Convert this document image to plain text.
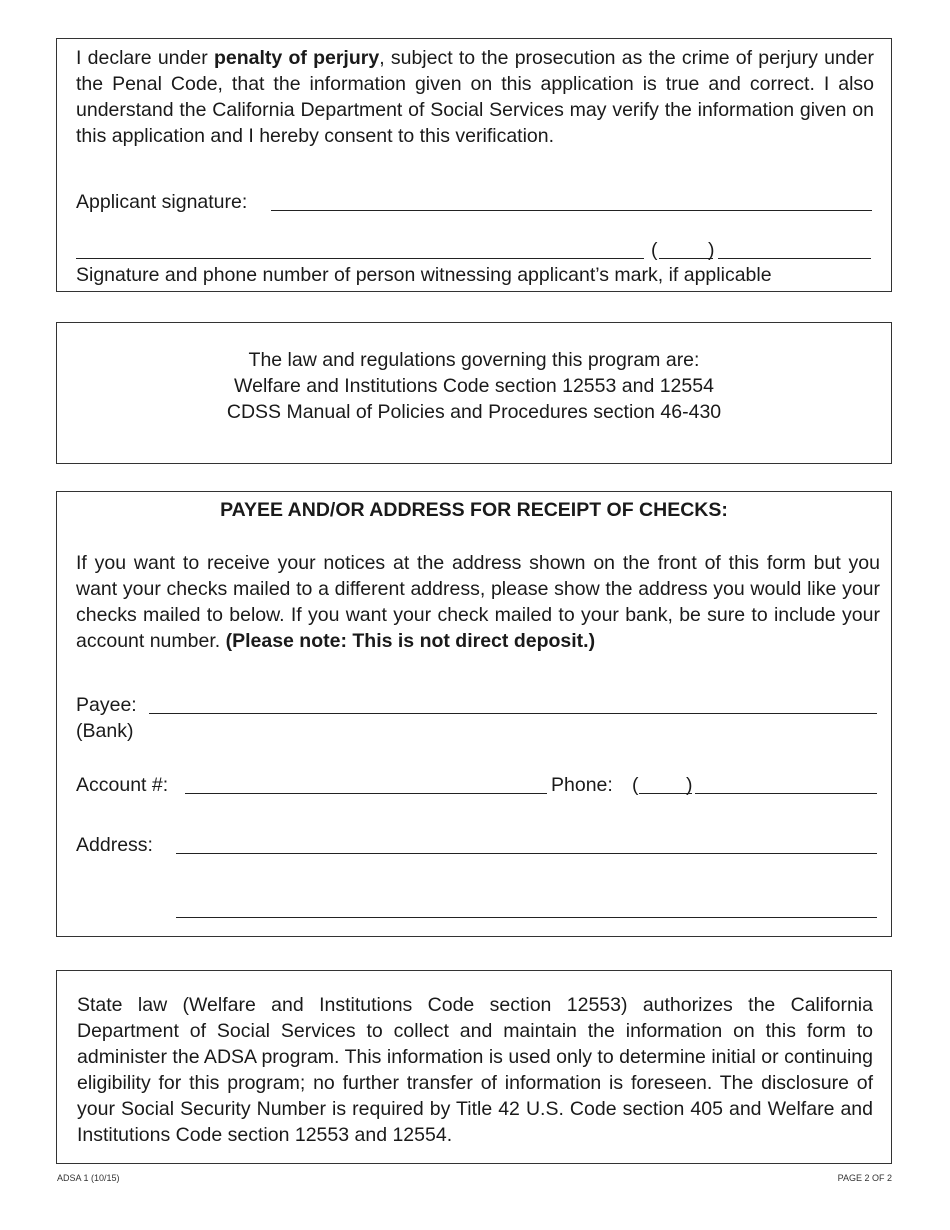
I declare under penalty of perjury, subject to the prosecution as the crime of perjury under the Penal Code, that the information given on this application is true and correct. I also understand the California Department of Social Services may verify the information given on this application and I hereby consent to this verification.
Applicant signature:
(	)
Signature and phone number of person witnessing applicant’s mark, if applicable
The law and regulations governing this program are:
Welfare and Institutions Code section 12553 and 12554
CDSS Manual of Policies and Procedures section 46-430
PAYEE AND/OR ADDRESS FOR RECEIPT OF CHECKS:
If you want to receive your notices at the address shown on the front of this form but you want your checks mailed to a different address, please show the address you would like your checks mailed to below. If you want your check mailed to your bank, be sure to include your account number. (Please note: This is not direct deposit.)
Payee:
(Bank)
Account #:	Phone: ( )
Address:
State law (Welfare and Institutions Code section 12553) authorizes the California Department of Social Services to collect and maintain the information on this form to administer the ADSA program. This information is used only to determine initial or continuing eligibility for this program; no further transfer of information is foreseen. The disclosure of your Social Security Number is required by Title 42 U.S. Code section 405 and Welfare and Institutions Code section 12553 and 12554.
ADSA 1 (10/15)	PAGE 2 OF 2
